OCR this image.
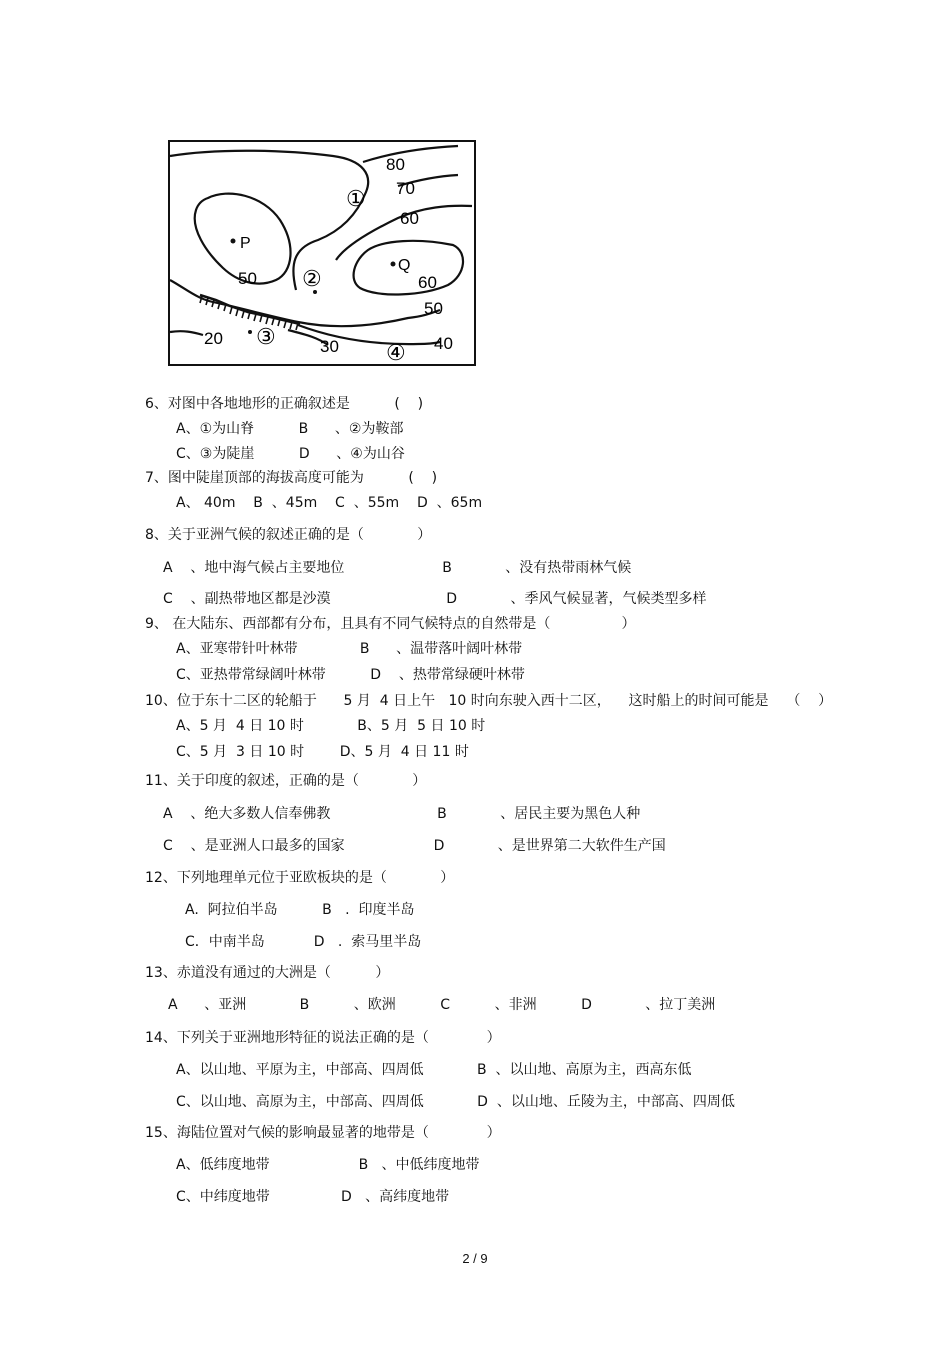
80
70
60
50	60
50
40
20	30
P
Q
①
②
③
④
6、对图中各地地形的正确叙述是          (    )
A、①为山脊          B      、②为鞍部
C、③为陡崖          D      、④为山谷
7、图中陡崖顶部的海拔高度可能为          (    )
A、 40m    B  、45m    C  、55m    D  、65m
8、关于亚洲气候的叙述正确的是（            ）
A    、地中海气候占主要地位                      B            、没有热带雨林气候
C    、副热带地区都是沙漠                          D            、季风气候显著，气候类型多样
9、 在大陆东、西部都有分布，且具有不同气候特点的自然带是（                ）
A、亚寒带针叶林带              B      、温带落叶阔叶林带
C、亚热带常绿阔叶林带          D    、热带常绿硬叶林带
10、位于东十二区的轮船于      5 月  4 日上午   10 时向东驶入西十二区，    这时船上的时间可能是    （    ）
A、5 月  4 日 10 时            B、5 月  5 日 10 时
C、5 月  3 日 10 时        D、5 月  4 日 11 时
11、关于印度的叙述，正确的是（            ）
A    、绝大多数人信奉佛教                        B            、居民主要为黑色人种
C    、是亚洲人口最多的国家                    D            、是世界第二大软件生产国
12、下列地理单元位于亚欧板块的是（            ）
A.  阿拉伯半岛          B   .  印度半岛
C．中南半岛           D   .  索马里半岛
13、赤道没有通过的大洲是（          ）
A      、亚洲            B          、欧洲          C          、非洲          D            、拉丁美洲
14、下列关于亚洲地形特征的说法正确的是（             ）
A、以山地、平原为主，中部高、四周低            B  、以山地、高原为主，西高东低
C、以山地、高原为主，中部高、四周低            D  、以山地、丘陵为主，中部高、四周低
15、海陆位置对气候的影响最显著的地带是（             ）
A、低纬度地带                    B   、中低纬度地带
C、中纬度地带                D   、高纬度地带
2 / 9
